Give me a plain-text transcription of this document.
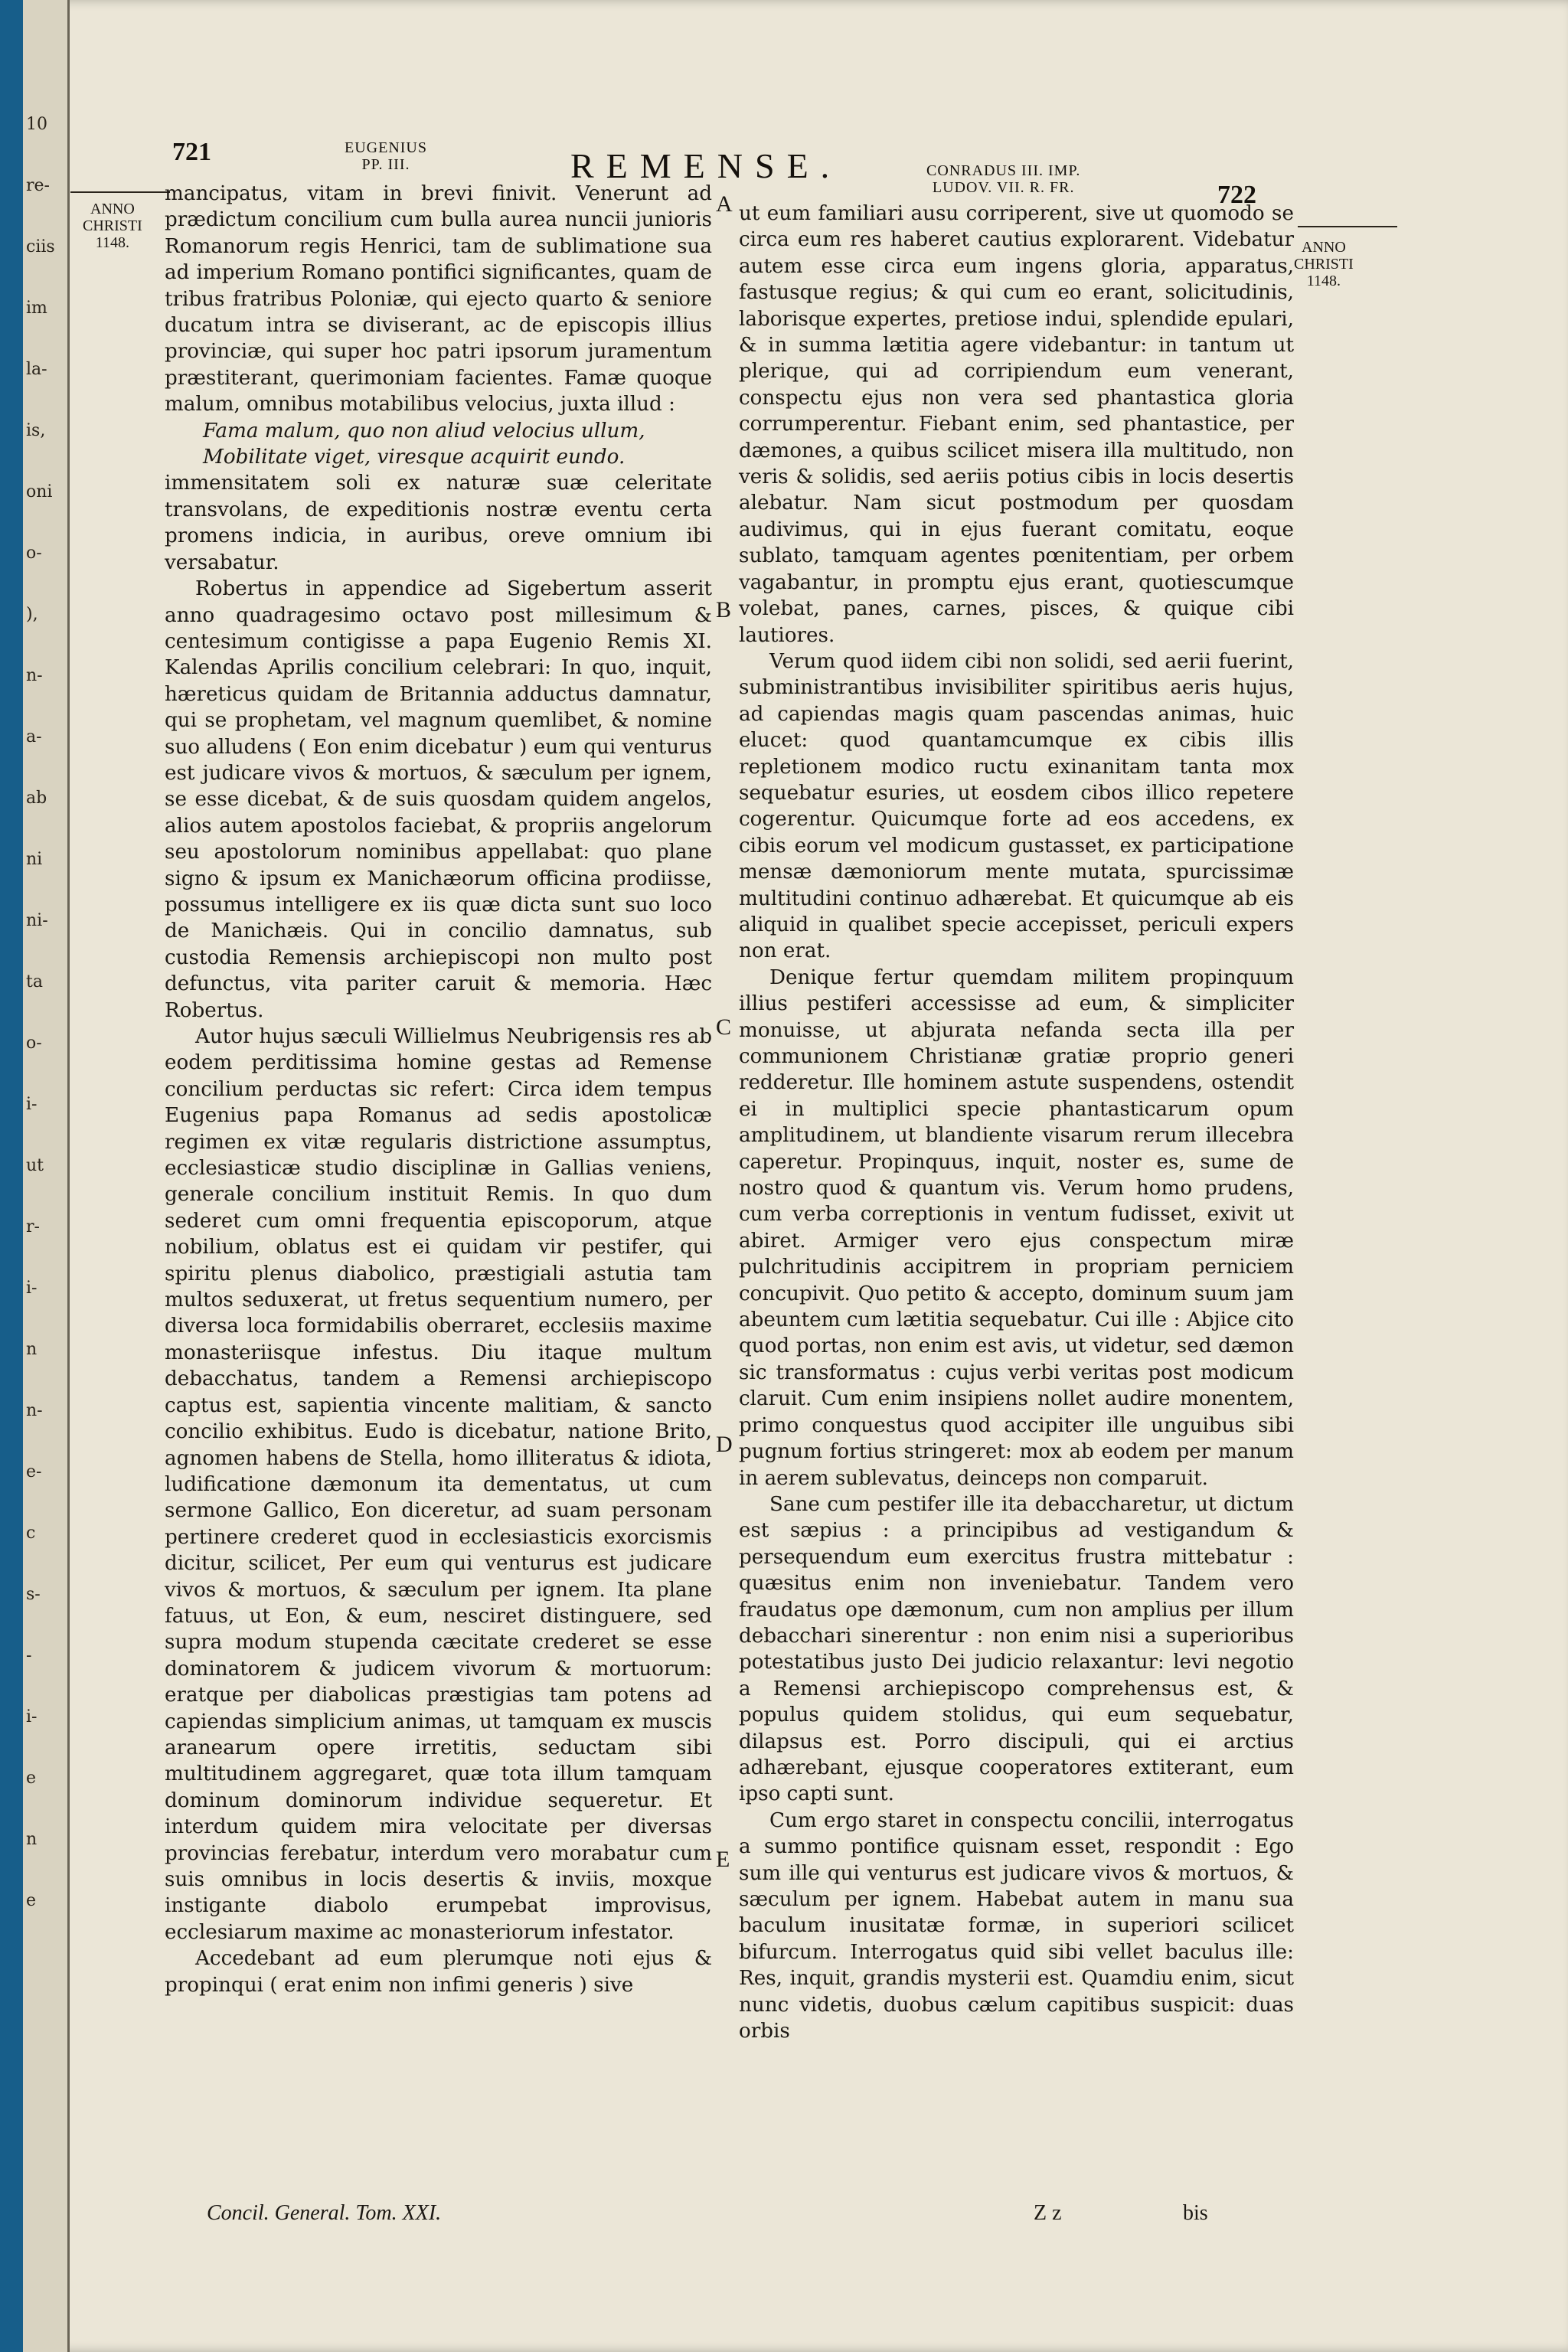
10
re-
ciis
im
la-
is,
oni
o-
),
n-
a-
ab
ni
ni-
ta
o-
i-
ut
r-
i-
n
n-
e-
c
s-
-
i-
e
n
e
721	EUGENIUS
PP. III.	REMENSE.	CONRADUS III. IMP.
LUDOV. VII. R. FR.	722
ANNO
CHRISTI
1148.	ANNO
CHRISTI
1148.
A
B
C
D
E

mancipatus, vitam in brevi finivit. Venerunt ad prædictum concilium cum bulla aurea nuncii junioris Romanorum regis Henrici, tam de sublimatione sua ad imperium Romano pontifici significantes, quam de tribus fratribus Poloniæ, qui ejecto quarto & seniore ducatum intra se diviserant, ac de episcopis illius provinciæ, qui super hoc patri ipsorum juramentum præstiterant, querimoniam facientes. Famæ quoque malum, omnibus motabilibus velocius, juxta illud :

Fama malum, quo non aliud velocius ullum,

Mobilitate viget, viresque acquirit eundo.

immensitatem soli ex naturæ suæ celeritate transvolans, de expeditionis nostræ eventu certa promens indicia, in auribus, oreve omnium ibi versabatur.

Robertus in appendice ad Sigebertum asserit anno quadragesimo octavo post millesimum & centesimum contigisse a papa Eugenio Remis XI. Kalendas Aprilis concilium celebrari: In quo, inquit, hæreticus quidam de Britannia adductus damnatur, qui se prophetam, vel magnum quemlibet, & nomine suo alludens ( Eon enim dicebatur ) eum qui venturus est judicare vivos & mortuos, & sæculum per ignem, se esse dicebat, & de suis quosdam quidem angelos, alios autem apostolos faciebat, & propriis angelorum seu apostolorum nominibus appellabat: quo plane signo & ipsum ex Manichæorum officina prodiisse, possumus intelligere ex iis quæ dicta sunt suo loco de Manichæis. Qui in concilio damnatus, sub custodia Remensis archiepiscopi non multo post defunctus, vita pariter caruit & memoria. Hæc Robertus.

Autor hujus sæculi Willielmus Neubrigensis res ab eodem perditissima homine gestas ad Remense concilium perductas sic refert: Circa idem tempus Eugenius papa Romanus ad sedis apostolicæ regimen ex vitæ regularis districtione assumptus, ecclesiasticæ studio disciplinæ in Gallias veniens, generale concilium instituit Remis. In quo dum sederet cum omni frequentia episcoporum, atque nobilium, oblatus est ei quidam vir pestifer, qui spiritu plenus diabolico, præstigiali astutia tam multos seduxerat, ut fretus sequentium numero, per diversa loca formidabilis oberraret, ecclesiis maxime monasteriisque infestus. Diu itaque multum debacchatus, tandem a Remensi archiepiscopo captus est, sapientia vincente malitiam, & sancto concilio exhibitus. Eudo is dicebatur, natione Brito, agnomen habens de Stella, homo illiteratus & idiota, ludificatione dæmonum ita dementatus, ut cum sermone Gallico, Eon diceretur, ad suam personam pertinere crederet quod in ecclesiasticis exorcismis dicitur, scilicet, Per eum qui venturus est judicare vivos & mortuos, & sæculum per ignem. Ita plane fatuus, ut Eon, & eum, nesciret distinguere, sed supra modum stupenda cæcitate crederet se esse dominatorem & judicem vivorum & mortuorum: eratque per diabolicas præstigias tam potens ad capiendas simplicium animas, ut tamquam ex muscis aranearum opere irretitis, seductam sibi multitudinem aggregaret, quæ tota illum tamquam dominum dominorum individue sequeretur. Et interdum quidem mira velocitate per diversas provincias ferebatur, interdum vero morabatur cum suis omnibus in locis desertis & inviis, moxque instigante diabolo erumpebat improvisus, ecclesiarum maxime ac monasteriorum infestator.

Accedebant ad eum plerumque noti ejus & propinqui ( erat enim non infimi generis ) sive

ut eum familiari ausu corriperent, sive ut quomodo se circa eum res haberet cautius explorarent. Videbatur autem esse circa eum ingens gloria, apparatus, fastusque regius; & qui cum eo erant, solicitudinis, laborisque expertes, pretiose indui, splendide epulari, & in summa lætitia agere videbantur: in tantum ut plerique, qui ad corripiendum eum venerant, conspectu ejus non vera sed phantastica gloria corrumperentur. Fiebant enim, sed phantastice, per dæmones, a quibus scilicet misera illa multitudo, non veris & solidis, sed aeriis potius cibis in locis desertis alebatur. Nam sicut postmodum per quosdam audivimus, qui in ejus fuerant comitatu, eoque sublato, tamquam agentes pœnitentiam, per orbem vagabantur, in promptu ejus erant, quotiescumque volebat, panes, carnes, pisces, & quique cibi lautiores.

Verum quod iidem cibi non solidi, sed aerii fuerint, subministrantibus invisibiliter spiritibus aeris hujus, ad capiendas magis quam pascendas animas, huic elucet: quod quantamcumque ex cibis illis repletionem modico ructu exinanitam tanta mox sequebatur esuries, ut eosdem cibos illico repetere cogerentur. Quicumque forte ad eos accedens, ex cibis eorum vel modicum gustasset, ex participatione mensæ dæmoniorum mente mutata, spurcissimæ multitudini continuo adhærebat. Et quicumque ab eis aliquid in qualibet specie accepisset, periculi expers non erat.

Denique fertur quemdam militem propinquum illius pestiferi accessisse ad eum, & simpliciter monuisse, ut abjurata nefanda secta illa per communionem Christianæ gratiæ proprio generi redderetur. Ille hominem astute suspendens, ostendit ei in multiplici specie phantasticarum opum amplitudinem, ut blandiente visarum rerum illecebra caperetur. Propinquus, inquit, noster es, sume de nostro quod & quantum vis. Verum homo prudens, cum verba correptionis in ventum fudisset, exivit ut abiret. Armiger vero ejus conspectum miræ pulchritudinis accipitrem in propriam perniciem concupivit. Quo petito & accepto, dominum suum jam abeuntem cum lætitia sequebatur. Cui ille : Abjice cito quod portas, non enim est avis, ut videtur, sed dæmon sic transformatus : cujus verbi veritas post modicum claruit. Cum enim insipiens nollet audire monentem, primo conquestus quod accipiter ille unguibus sibi pugnum fortius stringeret: mox ab eodem per manum in aerem sublevatus, deinceps non comparuit.

Sane cum pestifer ille ita debaccharetur, ut dictum est sæpius : a principibus ad vestigandum & persequendum eum exercitus frustra mittebatur : quæsitus enim non inveniebatur. Tandem vero fraudatus ope dæmonum, cum non amplius per illum debacchari sinerentur : non enim nisi a superioribus potestatibus justo Dei judicio relaxantur: levi negotio a Remensi archiepiscopo comprehensus est, & populus quidem stolidus, qui eum sequebatur, dilapsus est. Porro discipuli, qui ei arctius adhærebant, ejusque cooperatores extiterant, eum ipso capti sunt.

Cum ergo staret in conspectu concilii, interrogatus a summo pontifice quisnam esset, respondit : Ego sum ille qui venturus est judicare vivos & mortuos, & sæculum per ignem. Habebat autem in manu sua baculum inusitatæ formæ, in superiori scilicet bifurcum. Interrogatus quid sibi vellet baculus ille: Res, inquit, grandis mysterii est. Quamdiu enim, sicut nunc videtis, duobus cælum capitibus suspicit: duas orbis

Concil. General. Tom. XXI.	Z z	bis
